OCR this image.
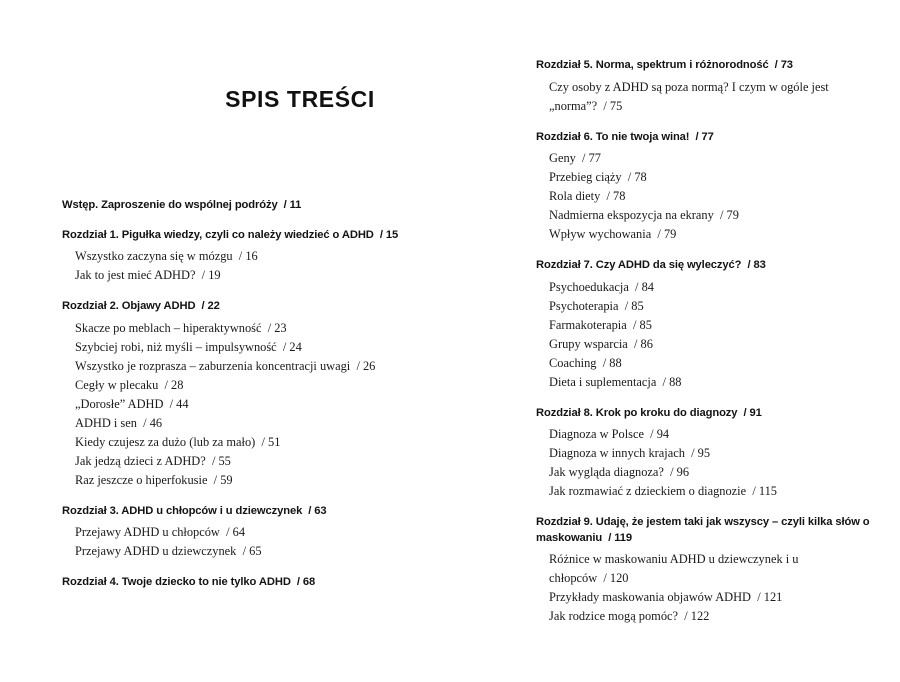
SPIS TREŚCI
Wstęp. Zaproszenie do wspólnej podróży / 11
Rozdział 1. Pigułka wiedzy, czyli co należy wiedzieć o ADHD / 15
Wszystko zaczyna się w mózgu / 16
Jak to jest mieć ADHD? / 19
Rozdział 2. Objawy ADHD / 22
Skacze po meblach – hiperaktywność / 23
Szybciej robi, niż myśli – impulsywność / 24
Wszystko je rozprasza – zaburzenia koncentracji uwagi / 26
Cegły w plecaku / 28
„Dorosłe” ADHD / 44
ADHD i sen / 46
Kiedy czujesz za dużo (lub za mało) / 51
Jak jedzą dzieci z ADHD? / 55
Raz jeszcze o hiperfokusie / 59
Rozdział 3. ADHD u chłopców i u dziewczynek / 63
Przejawy ADHD u chłopców / 64
Przejawy ADHD u dziewczynek / 65
Rozdział 4. Twoje dziecko to nie tylko ADHD / 68
Rozdział 5. Norma, spektrum i różnorodność / 73
Czy osoby z ADHD są poza normą? I czym w ogóle jest „norma”? / 75
Rozdział 6. To nie twoja wina! / 77
Geny / 77
Przebieg ciąży / 78
Rola diety / 78
Nadmierna ekspozycja na ekrany / 79
Wpływ wychowania / 79
Rozdział 7. Czy ADHD da się wyleczyć? / 83
Psychoedukacja / 84
Psychoterapia / 85
Farmakoterapia / 85
Grupy wsparcia / 86
Coaching / 88
Dieta i suplementacja / 88
Rozdział 8. Krok po kroku do diagnozy / 91
Diagnoza w Polsce / 94
Diagnoza w innych krajach / 95
Jak wygląda diagnoza? / 96
Jak rozmawiać z dzieckiem o diagnozie / 115
Rozdział 9. Udaję, że jestem taki jak wszyscy – czyli kilka słów o maskowaniu / 119
Różnice w maskowaniu ADHD u dziewczynek i u chłopców / 120
Przykłady maskowania objawów ADHD / 121
Jak rodzice mogą pomóc? / 122
